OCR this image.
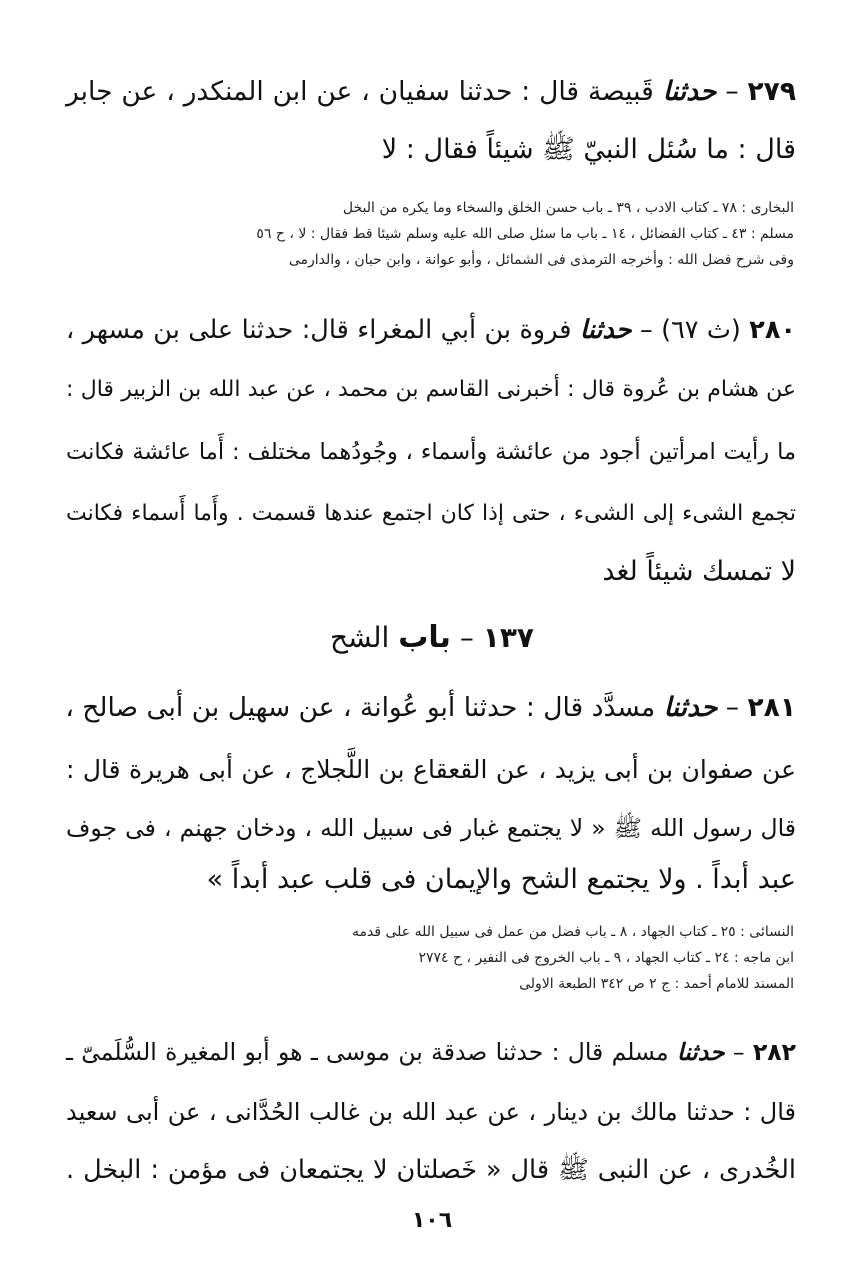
٢٧٩ – حدثنا قَبيصة قال : حدثنا سفيان ، عن ابن المنكدر ، عن جابر
قال : ما سُئل النبيّ ﷺ شيئاً فقال : لا
البخارى : ٧٨ ـ كتاب الادب ، ٣٩ ـ باب حسن الخلق والسخاء وما يكره من البخل
مسلم : ٤٣ ـ كتاب الفضائل ، ١٤ ـ باب ما سئل صلى الله عليه وسلم شيئا قط فقال : لا ، ح ٥٦
وفى شرح فضل الله : وأخرجه الترمذى فى الشمائل ، وأبو عوانة ، وابن حبان ، والدارمى
٢٨٠ (ث ٦٧) – حدثنا فروة بن أبي المغراء قال: حدثنا على بن مسهر ،
عن هشام بن عُروة قال : أخبرنى القاسم بن محمد ، عن عبد الله بن الزبير قال :
ما رأيت امرأتين أجود من عائشة وأسماء ، وجُودُهما مختلف : أَما عائشة فكانت
تجمع الشىء إلى الشىء ، حتى إذا كان اجتمع عندها قسمت . وأَما أَسماء فكانت
لا تمسك شيئاً لغد
١٣٧ – باب الشح
٢٨١ – حدثنا مسدَّد قال : حدثنا أبو عُوانة ، عن سهيل بن أبى صالح ،
عن صفوان بن أبى يزيد ، عن القعقاع بن اللَّجلاج ، عن أبى هريرة قال :
قال رسول الله ﷺ « لا يجتمع غبار فى سبيل الله ، ودخان جهنم ، فى جوف
عبد أبداً . ولا يجتمع الشح والإيمان فى قلب عبد أبداً »
النسائى : ٢٥ ـ كتاب الجهاد ، ٨ ـ باب فضل من عمل فى سبيل الله على قدمه
ابن ماجه : ٢٤ ـ كتاب الجهاد ، ٩ ـ باب الخروج فى النفير ، ح ٢٧٧٤
المسند للامام أحمد : ج ٢ ص ٣٤٢ الطبعة الاولى
٢٨٢ – حدثنا مسلم قال : حدثنا صدقة بن موسى ـ هو أبو المغيرة السُّلَمىّ ـ
قال : حدثنا مالك بن دينار ، عن عبد الله بن غالب الحُدَّانى ، عن أبى سعيد
الخُدرى ، عن النبى ﷺ قال « خَصلتان لا يجتمعان فى مؤمن : البخل .
١٠٦
